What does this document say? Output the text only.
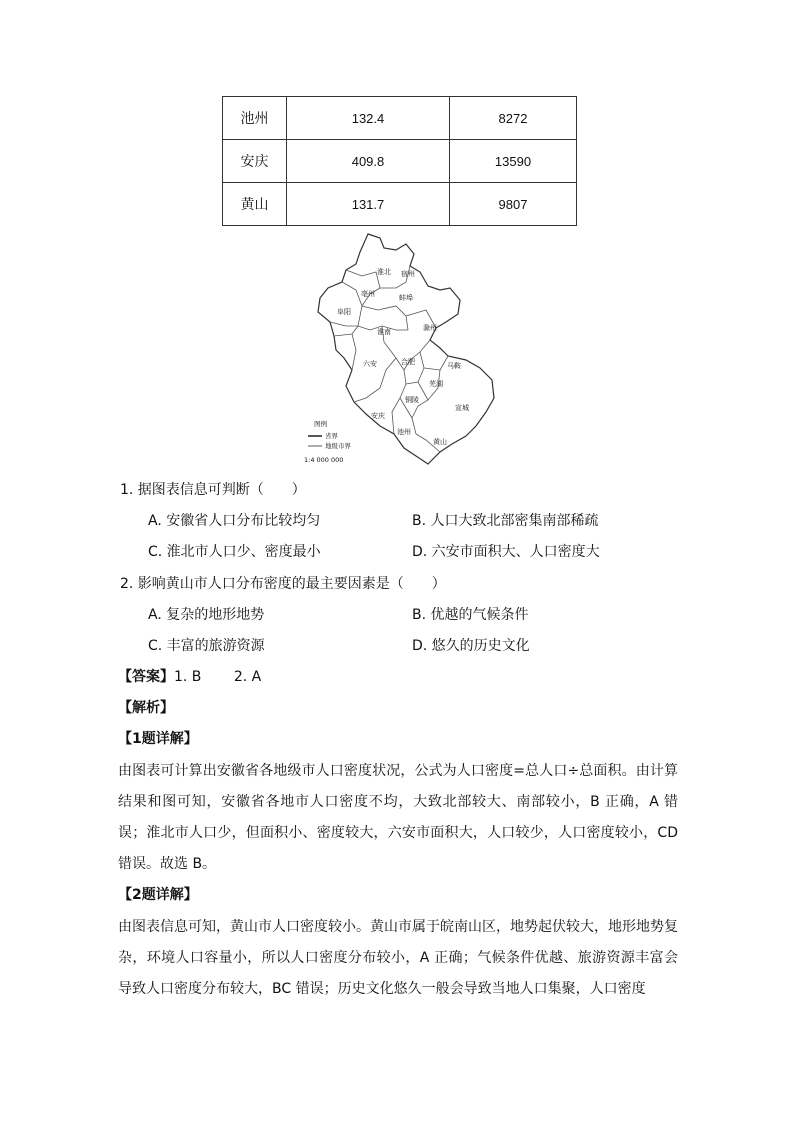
池州	132.4	8272
安庆	409.8	13590
黄山	131.7	9807
淮北 宿州
亳州	蚌埠
阜阳
淮南	滁州
六安	合肥	马鞍
芜湖
铜陵
宣城
安庆
池州
黄山
图例
省界
地级市界
1:4 000 000
1. 据图表信息可判断（　　）
A. 安徽省人口分布比较均匀	B. 人口大致北部密集南部稀疏
C. 淮北市人口少、密度最小	D. 六安市面积大、人口密度大
2. 影响黄山市人口分布密度的最主要因素是（　　）
A. 复杂的地形地势	B. 优越的气候条件
C. 丰富的旅游资源	D. 悠久的历史文化
【答案】1. B　　 2. A
【解析】
【1题详解】
由图表可计算出安徽省各地级市人口密度状况，公式为人口密度=总人口÷总面积。由计算结果和图可知，安徽省各地市人口密度不均，大致北部较大、南部较小，B 正确，A 错误；淮北市人口少，但面积小、密度较大，六安市面积大，人口较少，人口密度较小，CD 错误。故选 B。
【2题详解】
由图表信息可知，黄山市人口密度较小。黄山市属于皖南山区，地势起伏较大，地形地势复杂，环境人口容量小，所以人口密度分布较小，A 正确；气候条件优越、旅游资源丰富会导致人口密度分布较大，BC 错误；历史文化悠久一般会导致当地人口集聚，人口密度
